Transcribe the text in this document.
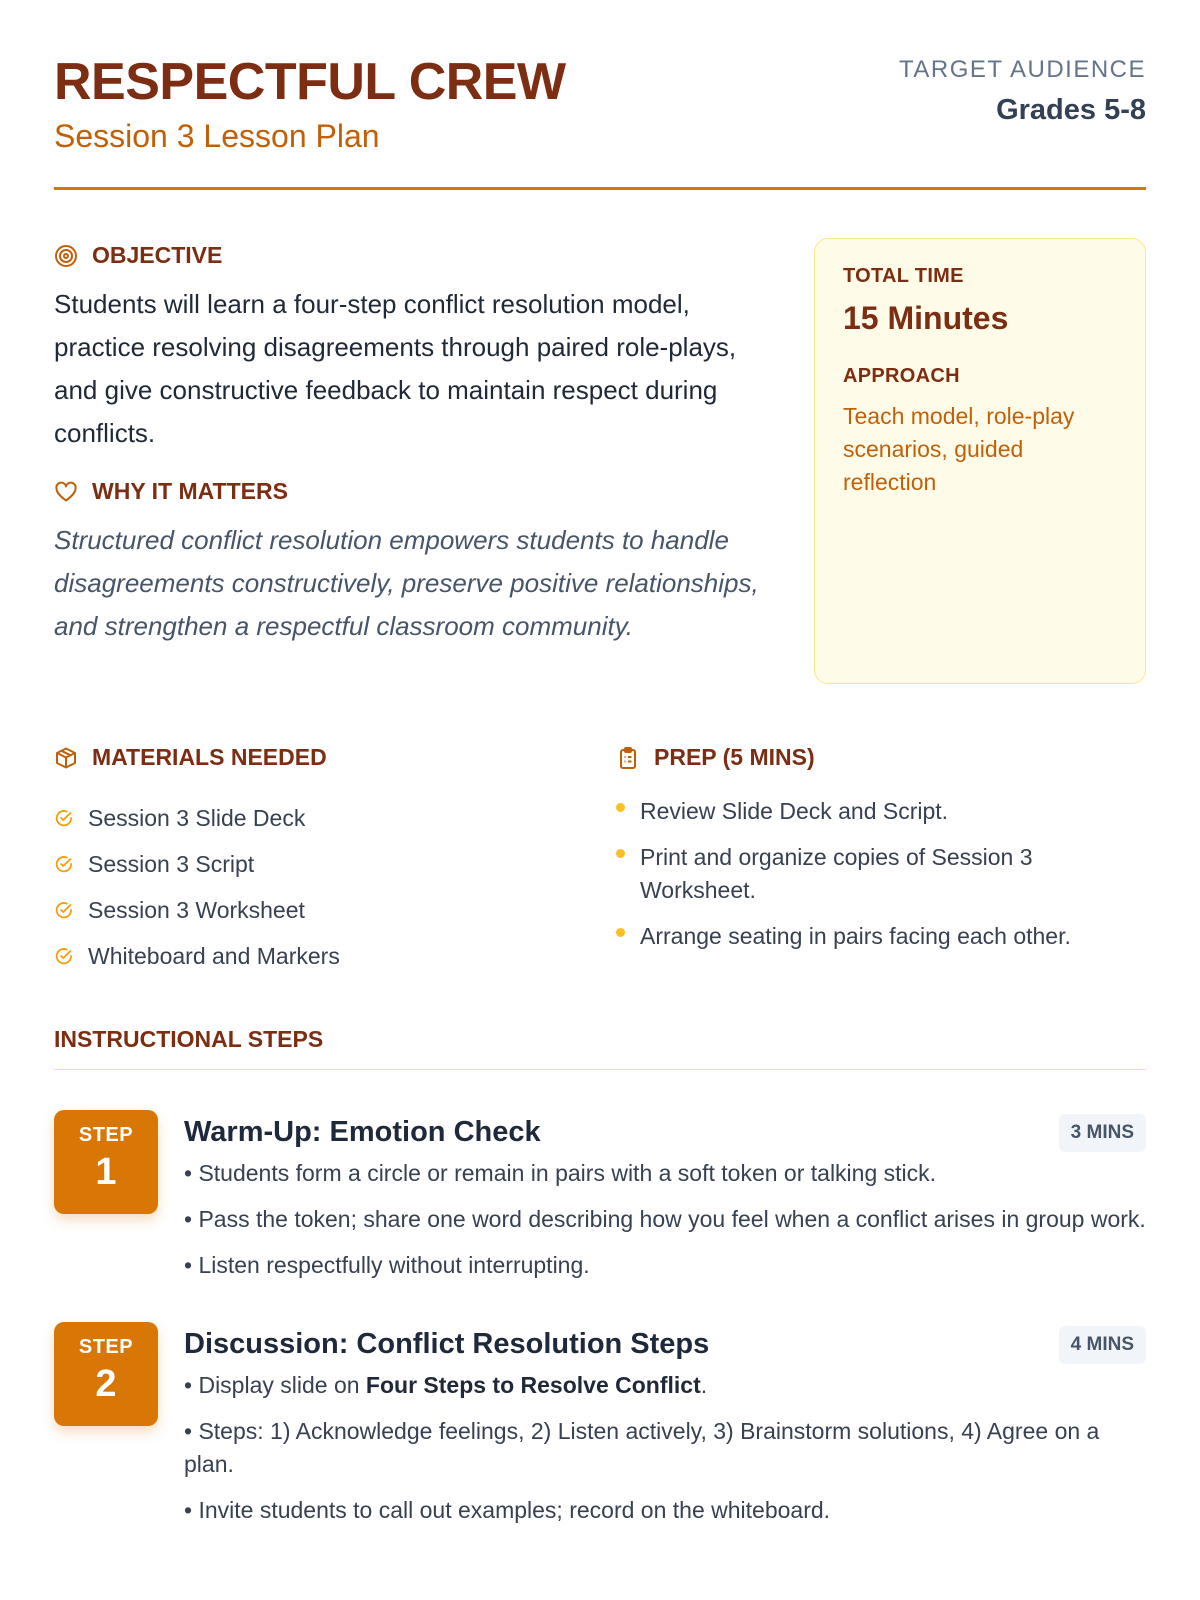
RESPECTFUL CREW
Session 3 Lesson Plan
TARGET AUDIENCE
Grades 5-8
OBJECTIVE

Students will learn a four-step conflict resolution model, practice resolving disagreements through paired role-plays, and give constructive feedback to maintain respect during conflicts.

WHY IT MATTERS

Structured conflict resolution empowers students to handle disagreements constructively, preserve positive relationships, and strengthen a respectful classroom community.

TOTAL TIME
15 Minutes
APPROACH
Teach model, role-play scenarios, guided reflection
MATERIALS NEEDED
Session 3 Slide Deck
Session 3 Script
Session 3 Worksheet
Whiteboard and Markers
PREP (5 MINS)
Review Slide Deck and Script.
Print and organize copies of Session 3 Worksheet.
Arrange seating in pairs facing each other.
INSTRUCTIONAL STEPS
STEP
1
Warm-Up: Emotion Check	3 MINS
• Students form a circle or remain in pairs with a soft token or talking stick.
• Pass the token; share one word describing how you feel when a conflict arises in group work.
• Listen respectfully without interrupting.
STEP
2
Discussion: Conflict Resolution Steps	4 MINS
• Display slide on Four Steps to Resolve Conflict.
• Steps: 1) Acknowledge feelings, 2) Listen actively, 3) Brainstorm solutions, 4) Agree on a plan.
• Invite students to call out examples; record on the whiteboard.
